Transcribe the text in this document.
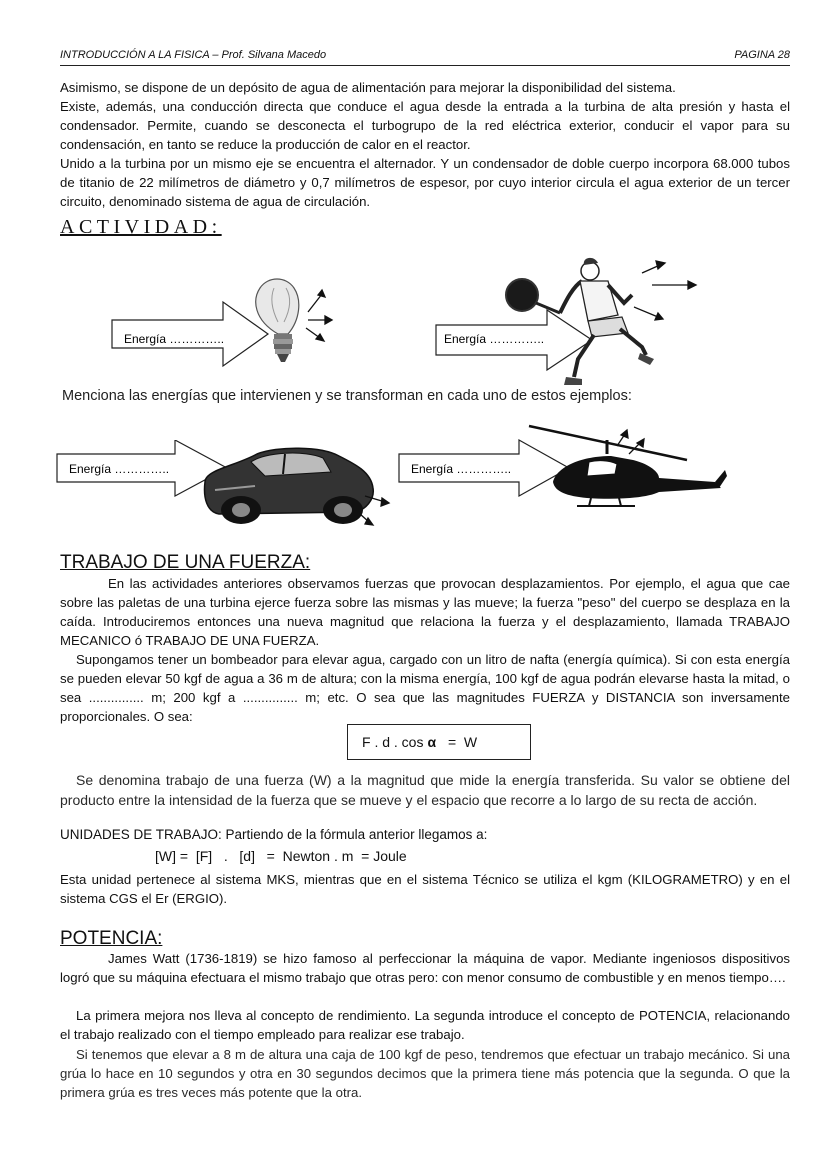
INTRODUCCIÓN A LA FISICA – Prof. Silvana Macedo	PAGINA 28

Asimismo, se dispone de un depósito de agua de alimentación para mejorar la disponibilidad del sistema.

Existe, además, una conducción directa que conduce el agua desde la entrada a la turbina de alta presión y hasta el condensador. Permite, cuando se desconecta el turbogrupo de la red eléctrica exterior, conducir el vapor para su condensación, en tanto se reduce la producción de calor en el reactor.

Unido a la turbina por un mismo eje se encuentra el alternador. Y un condensador de doble cuerpo incorpora 68.000 tubos de titanio de 22 milímetros de diámetro y 0,7 milímetros de espesor, por cuyo interior circula el agua exterior de un tercer circuito, denominado sistema de agua de circulación.

ACTIVIDAD:
Energía …………..	Energía …………..
Menciona las energías que intervienen y se transforman en cada uno de estos ejemplos:
Energía …………..	Energía …………..
TRABAJO DE UNA FUERZA:

En las actividades anteriores observamos fuerzas que provocan desplazamientos. Por ejemplo, el agua que cae sobre las paletas de una turbina ejerce fuerza sobre las mismas y las mueve; la fuerza "peso" del cuerpo se desplaza en la caída. Introduciremos entonces una nueva magnitud que relaciona la fuerza y el desplazamiento, llamada TRABAJO MECANICO ó TRABAJO DE UNA FUERZA.

Supongamos tener un bombeador para elevar agua, cargado con un litro de nafta (energía química). Si con esta energía se pueden elevar 50 kgf de agua a 36 m de altura; con la misma energía, 100 kgf de agua podrán elevarse hasta la mitad, o sea ............... m; 200 kgf a ............... m; etc. O sea que las magnitudes FUERZA y DISTANCIA son inversamente proporcionales. O sea:

F . d . cos α =  W

Se denomina trabajo de una fuerza (W) a la magnitud que mide la energía transferida. Su valor se obtiene del producto entre la intensidad de la fuerza que se mueve y el espacio que recorre a lo largo de su recta de acción.

UNIDADES DE TRABAJO: Partiendo de la fórmula anterior llegamos a:
[W] =  [F]   .   [d]   =  Newton . m  = Joule

Esta unidad pertenece al sistema MKS, mientras que en el sistema Técnico se utiliza el kgm (KILOGRAMETRO) y en el sistema CGS el Er (ERGIO).

POTENCIA:

James Watt (1736-1819) se hizo famoso al perfeccionar la máquina de vapor. Mediante ingeniosos dispositivos logró que su máquina efectuara el mismo trabajo que otras pero: con menor consumo de combustible y en menos tiempo….

La primera mejora nos lleva al concepto de rendimiento. La segunda introduce el concepto de POTENCIA, relacionando el trabajo realizado con el tiempo empleado para realizar ese trabajo.

Si tenemos que elevar a 8 m de altura una caja de 100 kgf de peso, tendremos que efectuar un trabajo mecánico. Si una grúa lo hace en 10 segundos y otra en 30 segundos decimos que la primera tiene más potencia que la segunda. O que la primera grúa es tres veces más potente que la otra.
